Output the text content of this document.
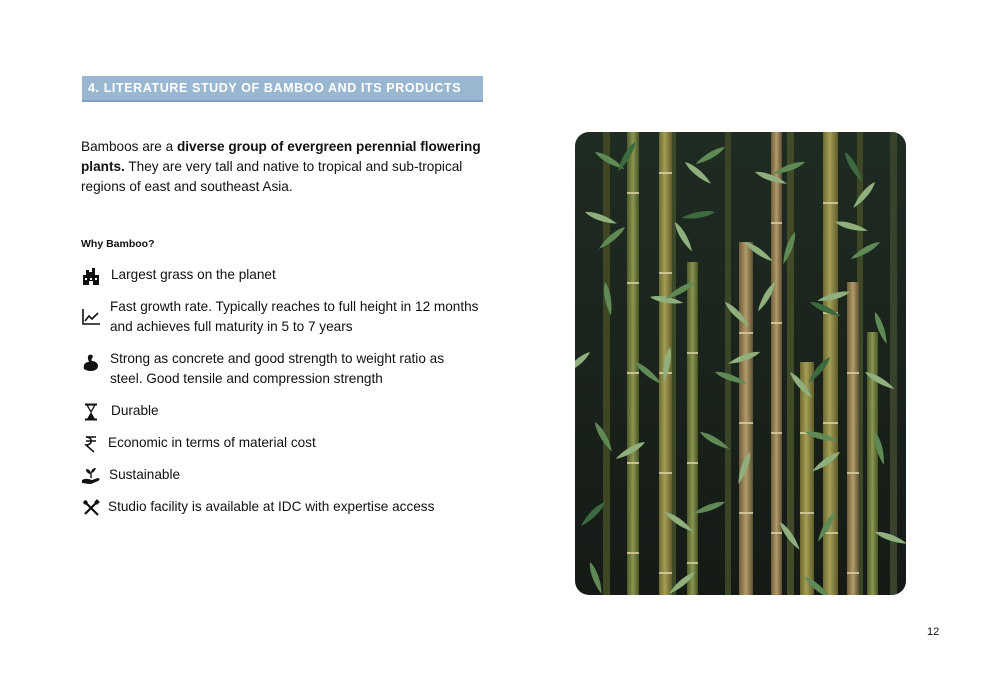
4. LITERATURE STUDY OF BAMBOO AND ITS PRODUCTS
Bamboos are a diverse group of evergreen perennial flowering plants. They are very tall and native to tropical and sub-tropical regions of east and southeast Asia.
Why Bamboo?
Largest grass on the planet
Fast growth rate. Typically reaches to full height in 12 months and achieves full maturity in 5 to 7 years
Strong as concrete and good strength to weight ratio as steel. Good tensile and compression strength
Durable
Economic in terms of material cost
Sustainable
Studio facility is available at IDC with expertise access
12
